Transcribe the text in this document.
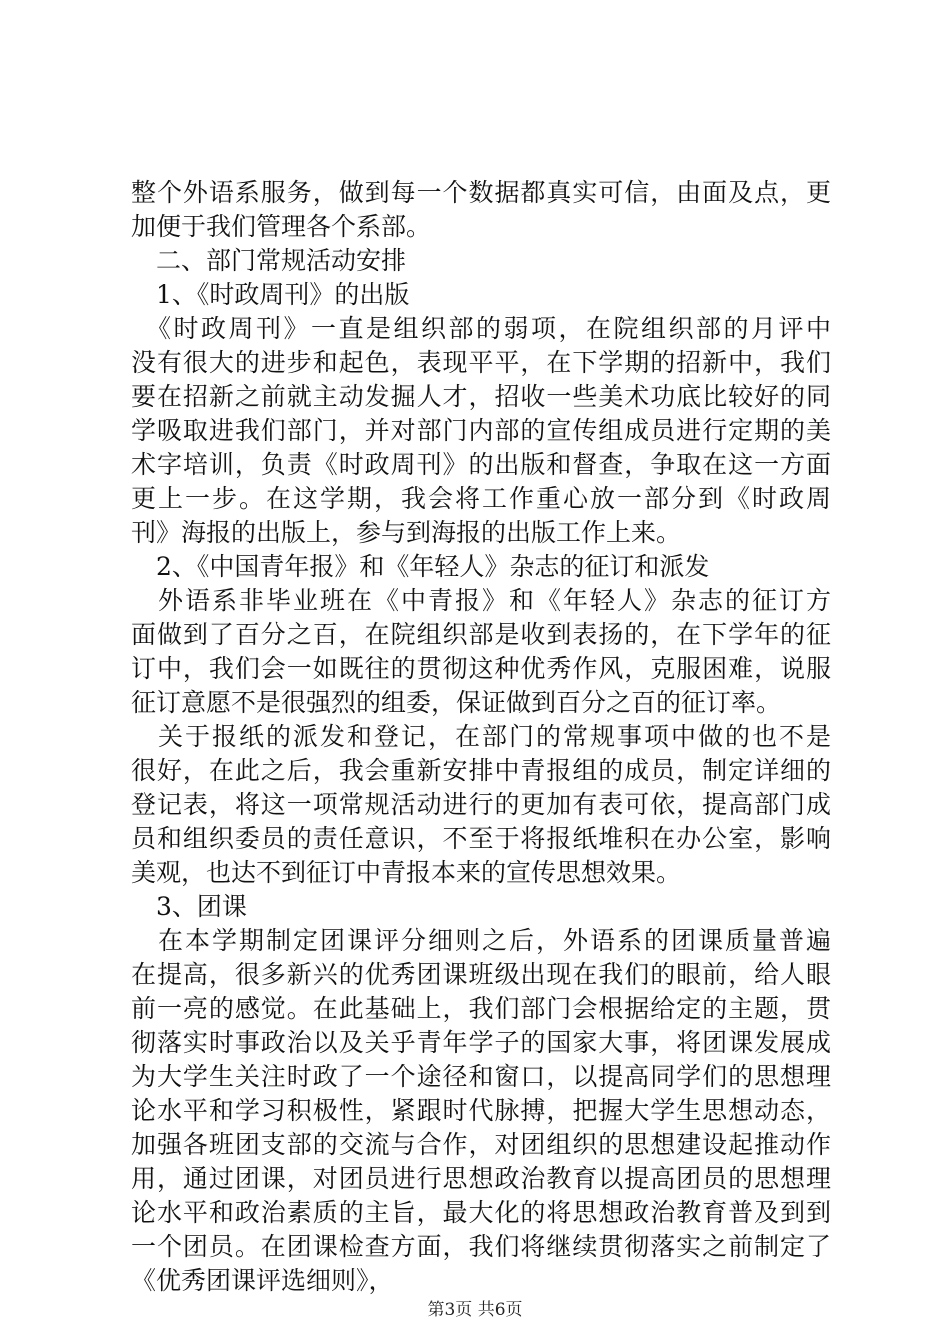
整个外语系服务，做到每一个数据都真实可信，由面及点，更
加便于我们管理各个系部。
　二、部门常规活动安排
　1、《时政周刊》的出版
　《时政周刊》一直是组织部的弱项，在院组织部的月评中
没有很大的进步和起色，表现平平，在下学期的招新中，我们
要在招新之前就主动发掘人才，招收一些美术功底比较好的同
学吸取进我们部门，并对部门内部的宣传组成员进行定期的美
术字培训，负责《时政周刊》的出版和督查，争取在这一方面
更上一步。在这学期，我会将工作重心放一部分到《时政周
刊》海报的出版上，参与到海报的出版工作上来。
　2、《中国青年报》和《年轻人》杂志的征订和派发
　外语系非毕业班在《中青报》和《年轻人》杂志的征订方
面做到了百分之百，在院组织部是收到表扬的，在下学年的征
订中，我们会一如既往的贯彻这种优秀作风，克服困难，说服
征订意愿不是很强烈的组委，保证做到百分之百的征订率。
　关于报纸的派发和登记，在部门的常规事项中做的也不是
很好，在此之后，我会重新安排中青报组的成员，制定详细的
登记表，将这一项常规活动进行的更加有表可依，提高部门成
员和组织委员的责任意识，不至于将报纸堆积在办公室，影响
美观，也达不到征订中青报本来的宣传思想效果。
　3、团课
　在本学期制定团课评分细则之后，外语系的团课质量普遍
在提高，很多新兴的优秀团课班级出现在我们的眼前，给人眼
前一亮的感觉。在此基础上，我们部门会根据给定的主题，贯
彻落实时事政治以及关乎青年学子的国家大事，将团课发展成
为大学生关注时政了一个途径和窗口，以提高同学们的思想理
论水平和学习积极性，紧跟时代脉搏，把握大学生思想动态，
加强各班团支部的交流与合作，对团组织的思想建设起推动作
用，通过团课，对团员进行思想政治教育以提高团员的思想理
论水平和政治素质的主旨，最大化的将思想政治教育普及到到
一个团员。在团课检查方面，我们将继续贯彻落实之前制定了
《优秀团课评选细则》，
第3页 共6页
